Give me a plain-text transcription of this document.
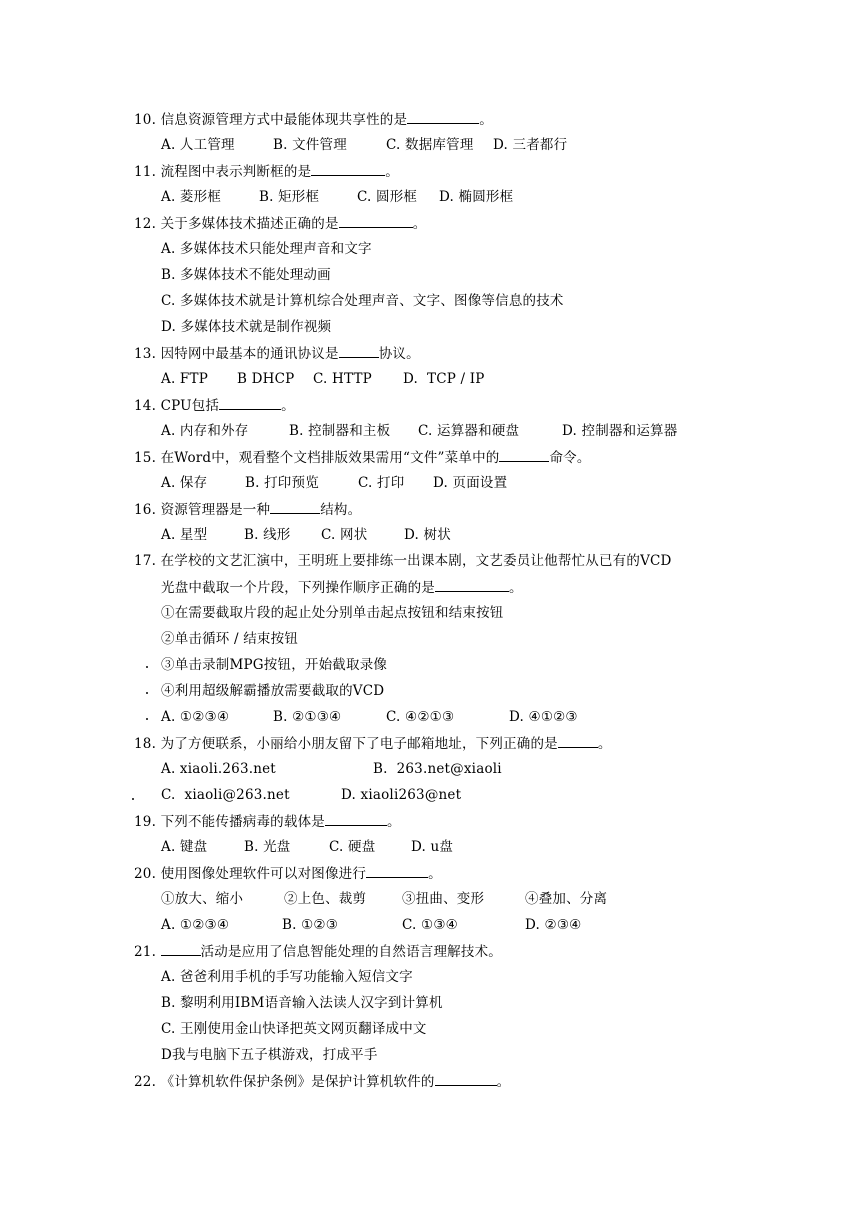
10. 信息资源管理方式中最能体现共享性的是	。
A. 人工管理	B. 文件管理	C. 数据库管理 D. 三者都行
11. 流程图中表示判断框的是	。
A. 菱形框	B. 矩形框	C. 圆形框 D. 椭圆形框
12. 关于多媒体技术描述正确的是	。
A. 多媒体技术只能处理声音和文字
B. 多媒体技术不能处理动画
C. 多媒体技术就是计算机综合处理声音、文字、图像等信息的技术
D. 多媒体技术就是制作视频
13. 因特网中最基本的通讯协议是	协议。
A. FTP B DHCP C. HTTP D.  TCP / IP
14. CPU包括	。
A. 内存和外存	B. 控制器和主板 C. 运算器和硬盘	D. 控制器和运算器
15. 在Word中，观看整个文档排版效果需用“文件”菜单中的	命令。
A. 保存	B. 打印预览	C. 打印 D. 页面设置
16. 资源管理器是一种	结构。
A. 星型	B. 线形 C. 网状	D. 树状
17. 在学校的文艺汇演中，王明班上要排练一出课本剧，文艺委员让他帮忙从已有的VCD
光盘中截取一个片段，下列操作顺序正确的是	。
①在需要截取片段的起止处分别单击起点按钮和结束按钮
②单击循环 / 结束按钮
③单击录制MPG按钮，开始截取录像
④利用超级解霸播放需要截取的VCD
A. ①②③④	B. ②①③④	C. ④②①③	D. ④①②③
18. 为了方便联系，小丽给小朋友留下了电子邮箱地址，下列正确的是	。
A. xiaoli.263.net	B.  263.net@xiaoli
C.  xiaoli@263.net	D. xiaoli263@net
19. 下列不能传播病毒的载体是	。
A. 键盘	B. 光盘	C. 硬盘	D. u盘
20. 使用图像处理软件可以对图像进行	。
①放大、缩小	②上色、裁剪	③扭曲、变形	④叠加、分离
A. ①②③④	B. ①②③	C. ①③④	D. ②③④
21.	活动是应用了信息智能处理的自然语言理解技术。
A. 爸爸利用手机的手写功能输入短信文字
B. 黎明利用IBM语音输入法读人汉字到计算机
C. 王刚使用金山快译把英文网页翻译成中文
D我与电脑下五子棋游戏，打成平手
22. 《计算机软件保护条例》是保护计算机软件的	。
